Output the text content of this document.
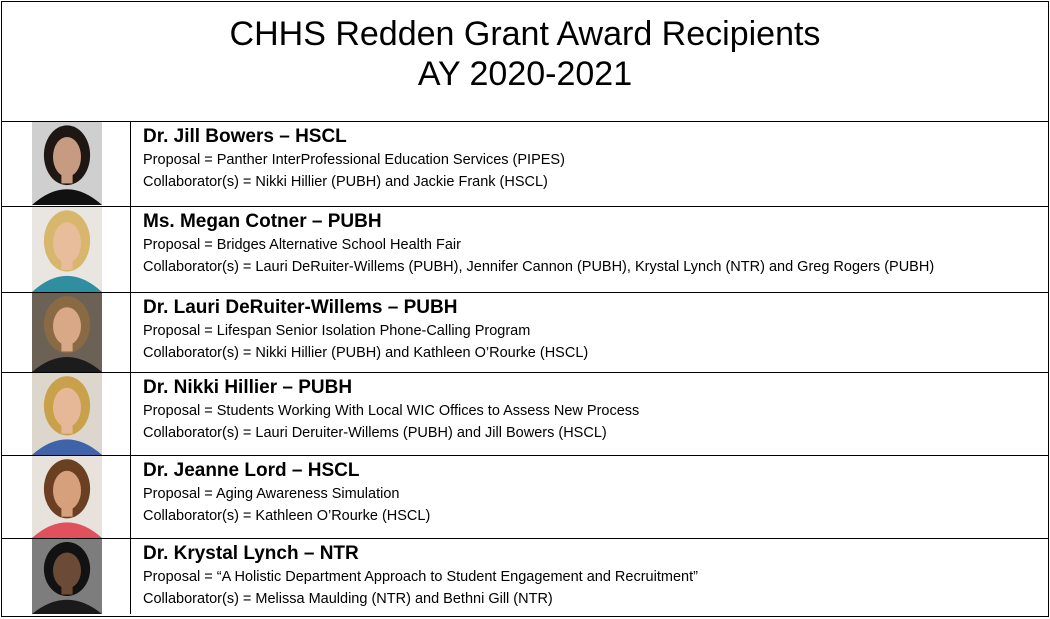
CHHS Redden Grant Award Recipients
AY 2020-2021

Dr. Jill Bowers – HSCL
Proposal = Panther InterProfessional Education Services (PIPES)
Collaborator(s) = Nikki Hillier (PUBH) and Jackie Frank (HSCL)

Ms. Megan Cotner – PUBH
Proposal = Bridges Alternative School Health Fair
Collaborator(s) = Lauri DeRuiter-Willems (PUBH), Jennifer Cannon (PUBH), Krystal Lynch (NTR) and Greg Rogers (PUBH)

Dr. Lauri DeRuiter-Willems – PUBH
Proposal = Lifespan Senior Isolation Phone-Calling Program
Collaborator(s) = Nikki Hillier (PUBH) and Kathleen O’Rourke (HSCL)

Dr. Nikki Hillier – PUBH
Proposal = Students Working With Local WIC Offices to Assess New Process
Collaborator(s) = Lauri Deruiter-Willems (PUBH) and Jill Bowers (HSCL)

Dr. Jeanne Lord – HSCL
Proposal = Aging Awareness Simulation
Collaborator(s) = Kathleen O’Rourke (HSCL)

Dr. Krystal Lynch – NTR
Proposal = “A Holistic Department Approach to Student Engagement and Recruitment”
Collaborator(s) = Melissa Maulding (NTR) and Bethni Gill (NTR)
